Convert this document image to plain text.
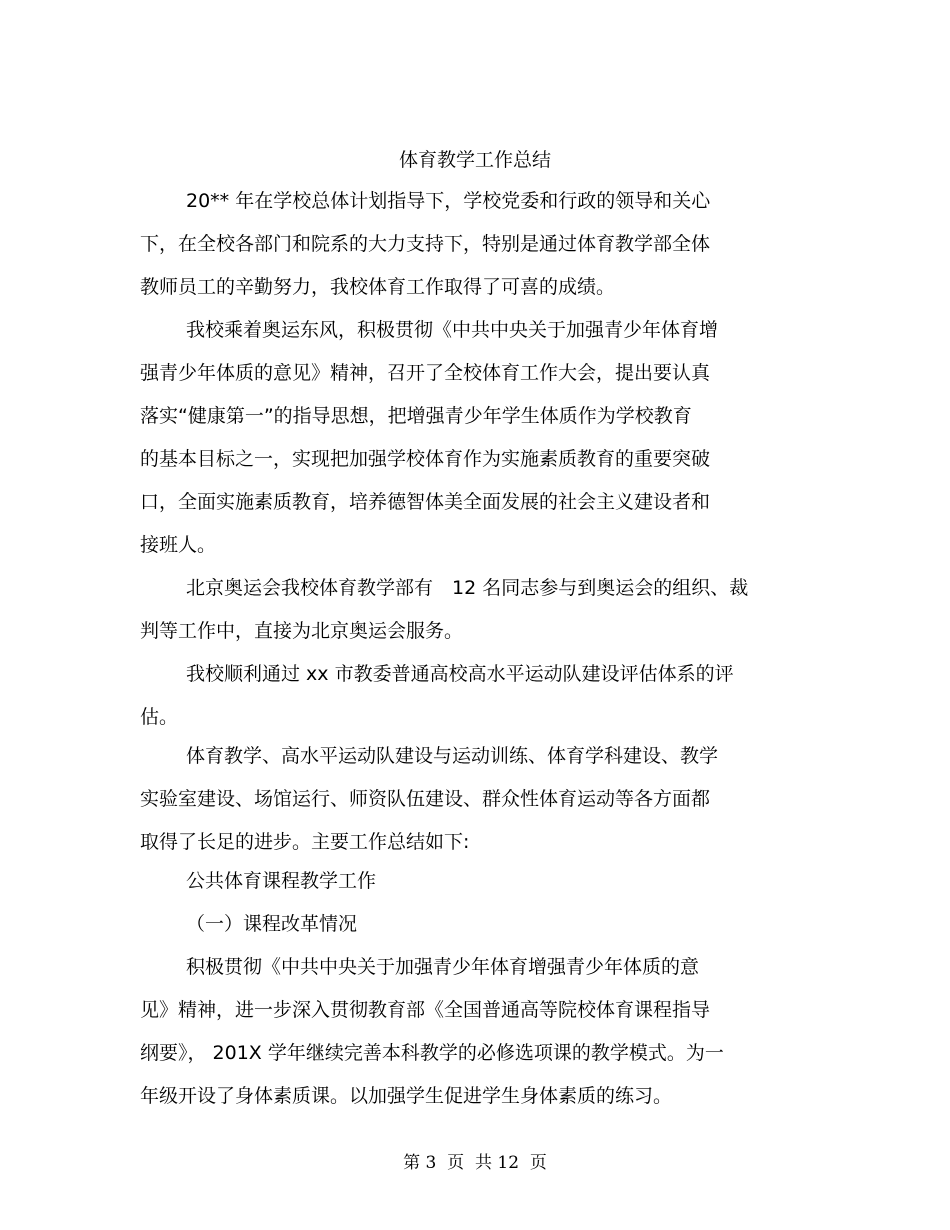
体育教学工作总结
20** 年在学校总体计划指导下，学校党委和行政的领导和关心
下，在全校各部门和院系的大力支持下，特别是通过体育教学部全体
教师员工的辛勤努力，我校体育工作取得了可喜的成绩。
我校乘着奥运东风，积极贯彻《中共中央关于加强青少年体育增
强青少年体质的意见》精神，召开了全校体育工作大会，提出要认真
落实“健康第一”的指导思想，把增强青少年学生体质作为学校教育
的基本目标之一，实现把加强学校体育作为实施素质教育的重要突破
口，全面实施素质教育，培养德智体美全面发展的社会主义建设者和
接班人。
北京奥运会我校体育教学部有　12 名同志参与到奥运会的组织、裁
判等工作中，直接为北京奥运会服务。
我校顺利通过 xx 市教委普通高校高水平运动队建设评估体系的评
估。
体育教学、高水平运动队建设与运动训练、体育学科建设、教学
实验室建设、场馆运行、师资队伍建设、群众性体育运动等各方面都
取得了长足的进步。主要工作总结如下:
公共体育课程教学工作
（一）课程改革情况
积极贯彻《中共中央关于加强青少年体育增强青少年体质的意
见》精神，进一步深入贯彻教育部《全国普通高等院校体育课程指导
纲要》， 201X 学年继续完善本科教学的必修选项课的教学模式。为一
年级开设了身体素质课。以加强学生促进学生身体素质的练习。
第 3  页  共 12  页
